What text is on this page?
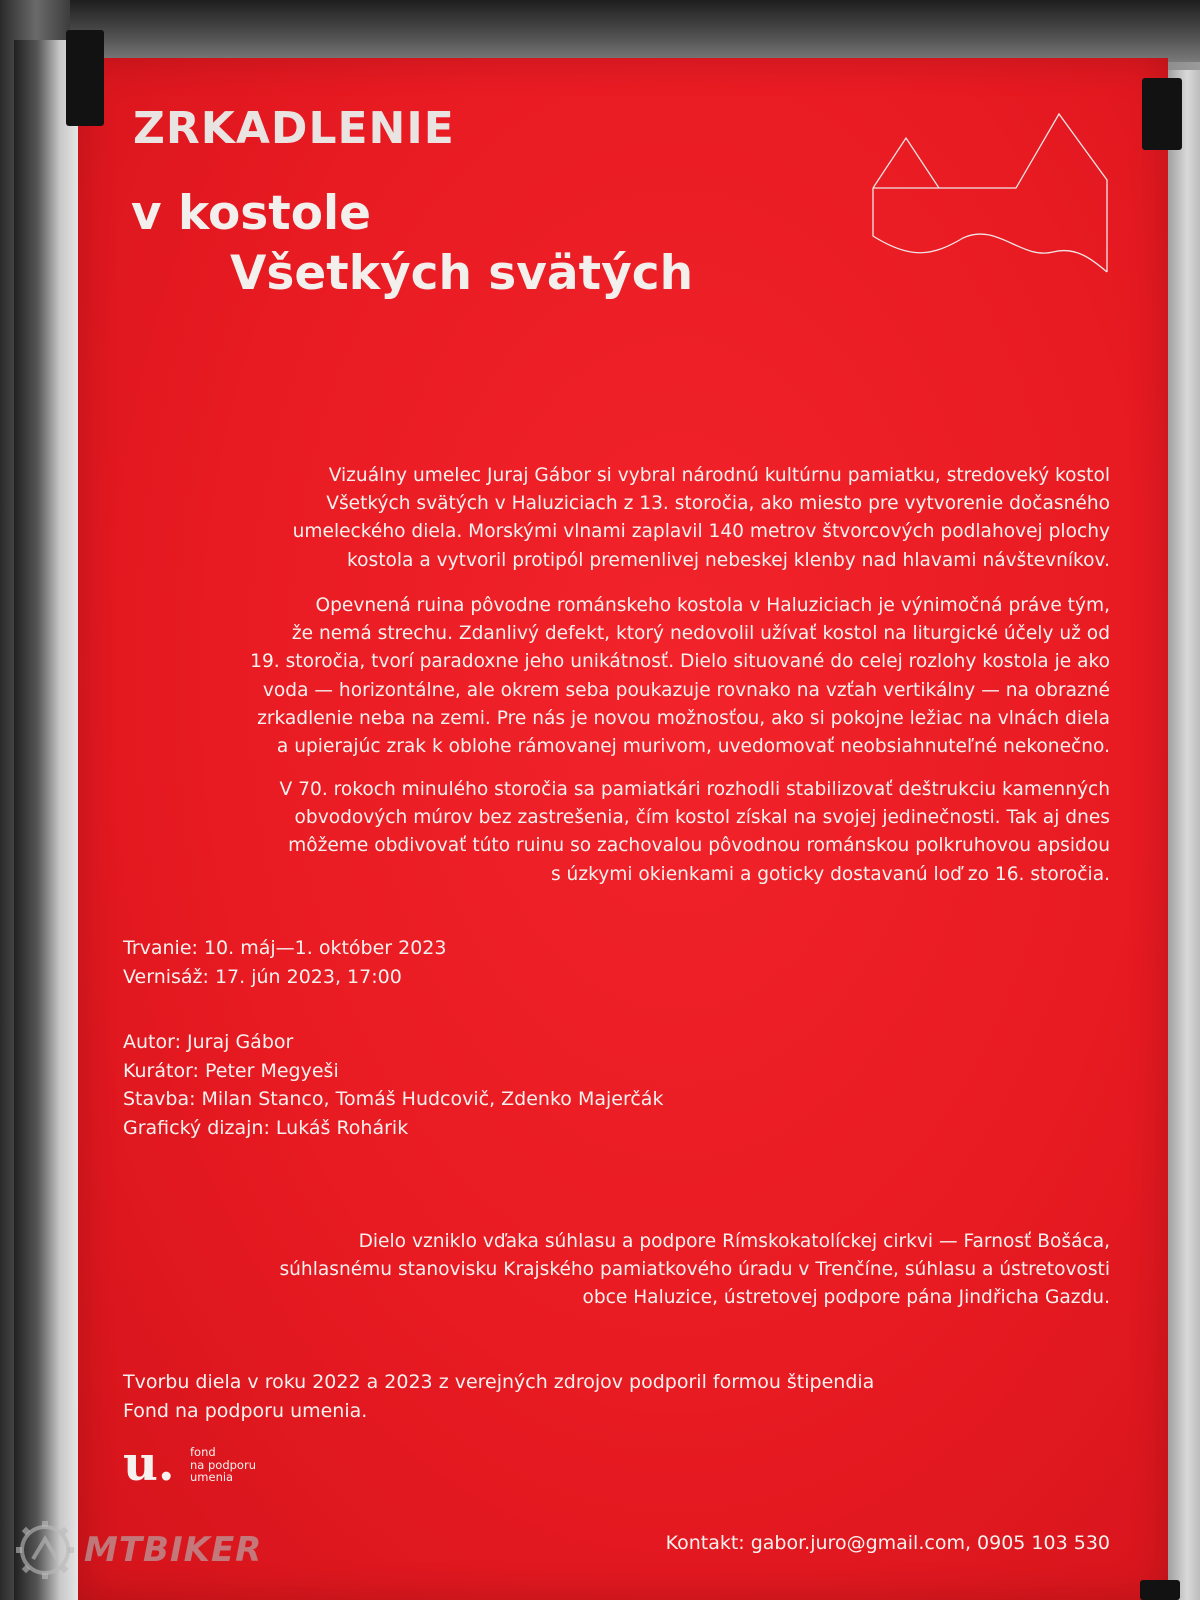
ZRKADLENIE
v kostole
Všetkých svätých
Vizuálny umelec Juraj Gábor si vybral národnú kultúrnu pamiatku, stredoveký kostol
Všetkých svätých v Haluziciach z 13. storočia, ako miesto pre vytvorenie dočasného
umeleckého diela. Morskými vlnami zaplavil 140 metrov štvorcových podlahovej plochy
kostola a vytvoril protipól premenlivej nebeskej klenby nad hlavami návštevníkov.
Opevnená ruina pôvodne románskeho kostola v Haluziciach je výnimočná práve tým,
že nemá strechu. Zdanlivý defekt, ktorý nedovolil užívať kostol na liturgické účely už od
19. storočia, tvorí paradoxne jeho unikátnosť. Dielo situované do celej rozlohy kostola je ako
voda — horizontálne, ale okrem seba poukazuje rovnako na vzťah vertikálny — na obrazné
zrkadlenie neba na zemi. Pre nás je novou možnosťou, ako si pokojne ležiac na vlnách diela
a upierajúc zrak k oblohe rámovanej murivom, uvedomovať neobsiahnuteľné nekonečno.
V 70. rokoch minulého storočia sa pamiatkári rozhodli stabilizovať deštrukciu kamenných
obvodových múrov bez zastrešenia, čím kostol získal na svojej jedinečnosti. Tak aj dnes
môžeme obdivovať túto ruinu so zachovalou pôvodnou románskou polkruhovou apsidou
s úzkymi okienkami a goticky dostavanú loď zo 16. storočia.
Trvanie: 10. máj—1. október 2023
Vernisáž: 17. jún 2023, 17:00
Autor: Juraj Gábor
Kurátor: Peter Megyeši
Stavba: Milan Stanco, Tomáš Hudcovič, Zdenko Majerčák
Grafický dizajn: Lukáš Rohárik
Dielo vzniklo vďaka súhlasu a podpore Rímskokatolíckej cirkvi — Farnosť Bošáca,
súhlasnému stanovisku Krajského pamiatkového úradu v Trenčíne, súhlasu a ústretovosti
obce Haluzice, ústretovej podpore pána Jindřicha Gazdu.
Tvorbu diela v roku 2022 a 2023 z verejných zdrojov podporil formou štipendia
Fond na podporu umenia.
u. fond
na podporu
umenia
Kontakt: gabor.juro@gmail.com, 0905 103 530
MTBIKER
